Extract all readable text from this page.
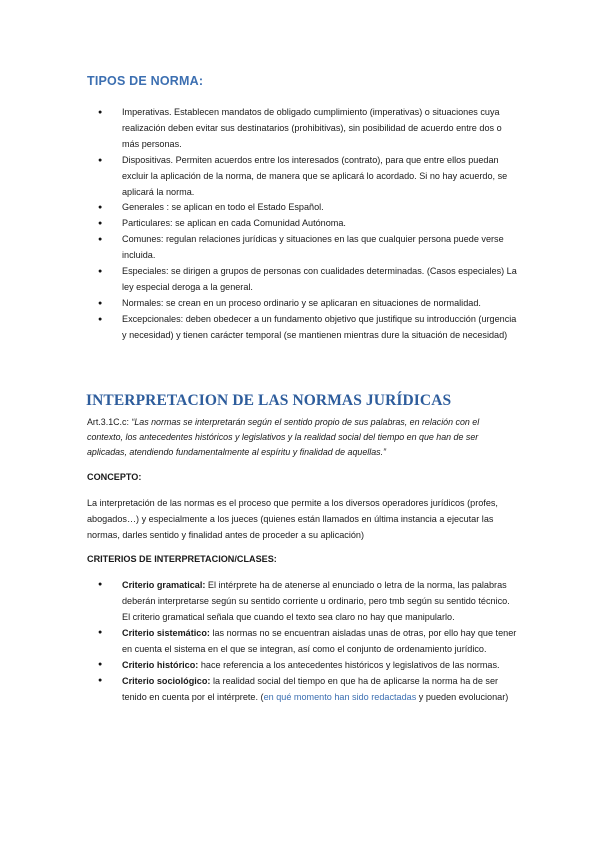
TIPOS DE NORMA:
● Imperativas. Establecen mandatos de obligado cumplimiento (imperativas) o situaciones cuya realización deben evitar sus destinatarios (prohibitivas), sin posibilidad de acuerdo entre dos o más personas.
● Dispositivas. Permiten acuerdos entre los interesados (contrato), para que entre ellos puedan excluir la aplicación de la norma, de manera que se aplicará lo acordado. Si no hay acuerdo, se aplicará la norma.
● Generales : se aplican en todo el Estado Español.
● Particulares: se aplican en cada Comunidad Autónoma.
● Comunes: regulan relaciones jurídicas y situaciones en las que cualquier persona puede verse incluida.
● Especiales: se dirigen a grupos de personas con cualidades determinadas. (Casos especiales) La ley especial deroga a la general.
● Normales: se crean en un proceso ordinario y se aplicaran en situaciones de normalidad.
● Excepcionales: deben obedecer a un fundamento objetivo que justifique su introducción (urgencia y necesidad) y tienen carácter temporal (se mantienen mientras dure la situación de necesidad)
INTERPRETACION DE LAS NORMAS JURÍDICAS

Art.3.1C.c: “Las normas se interpretarán según el sentido propio de sus palabras, en relación con el contexto, los antecedentes históricos y legislativos y la realidad social del tiempo en que han de ser aplicadas, atendiendo fundamentalmente al espíritu y finalidad de aquellas.”

CONCEPTO:

La interpretación de las normas es el proceso que permite a los diversos operadores jurídicos (profes, abogados…) y especialmente a los jueces (quienes están llamados en última instancia a ejecutar las normas, darles sentido y finalidad antes de proceder a su aplicación)

CRITERIOS DE INTERPRETACION/CLASES:

● Criterio gramatical: El intérprete ha de atenerse al enunciado o letra de la norma, las palabras deberán interpretarse según su sentido corriente u ordinario, pero tmb según su sentido técnico. El criterio gramatical señala que cuando el texto sea claro no hay que manipularlo.
● Criterio sistemático: las normas no se encuentran aisladas unas de otras, por ello hay que tener en cuenta el sistema en el que se integran, así como el conjunto de ordenamiento jurídico.
● Criterio histórico: hace referencia a los antecedentes históricos y legislativos de las normas.
● Criterio sociológico: la realidad social del tiempo en que ha de aplicarse la norma ha de ser tenido en cuenta por el intérprete. (en qué momento han sido redactadas y pueden evolucionar)
